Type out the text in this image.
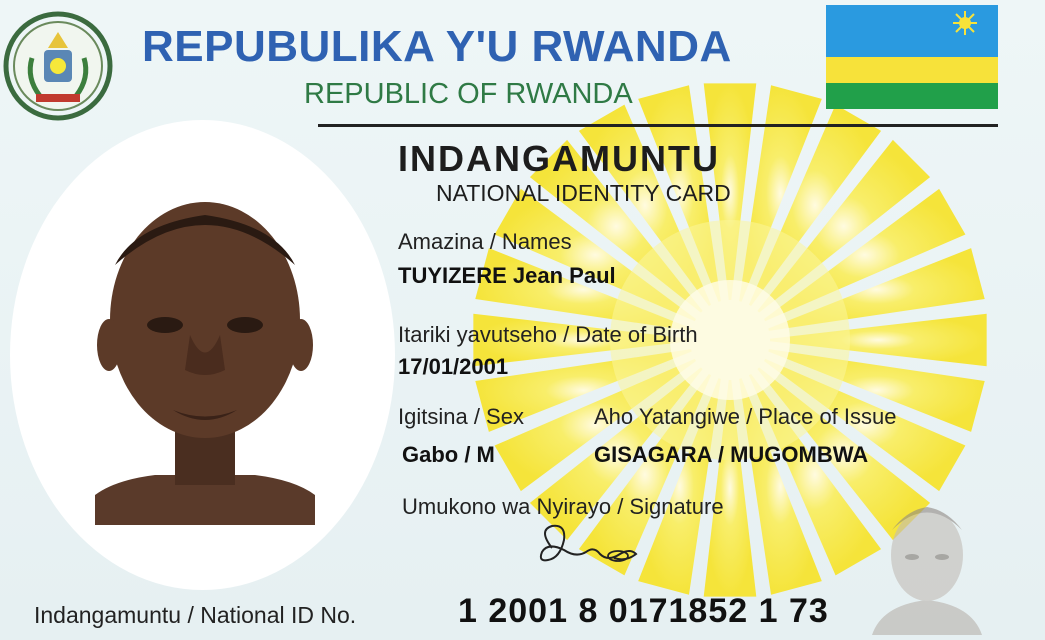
REPUBULIKA Y'U RWANDA
REPUBLIC OF RWANDA
INDANGAMUNTU
NATIONAL IDENTITY CARD
Amazina / Names
TUYIZERE Jean Paul
Itariki yavutseho / Date of Birth
17/01/2001
Igitsina / Sex
Gabo / M
Aho Yatangiwe / Place of Issue
GISAGARA / MUGOMBWA
Umukono wa Nyirayo / Signature
Indangamuntu / National ID No.	1 2001 8 0171852 1 73
